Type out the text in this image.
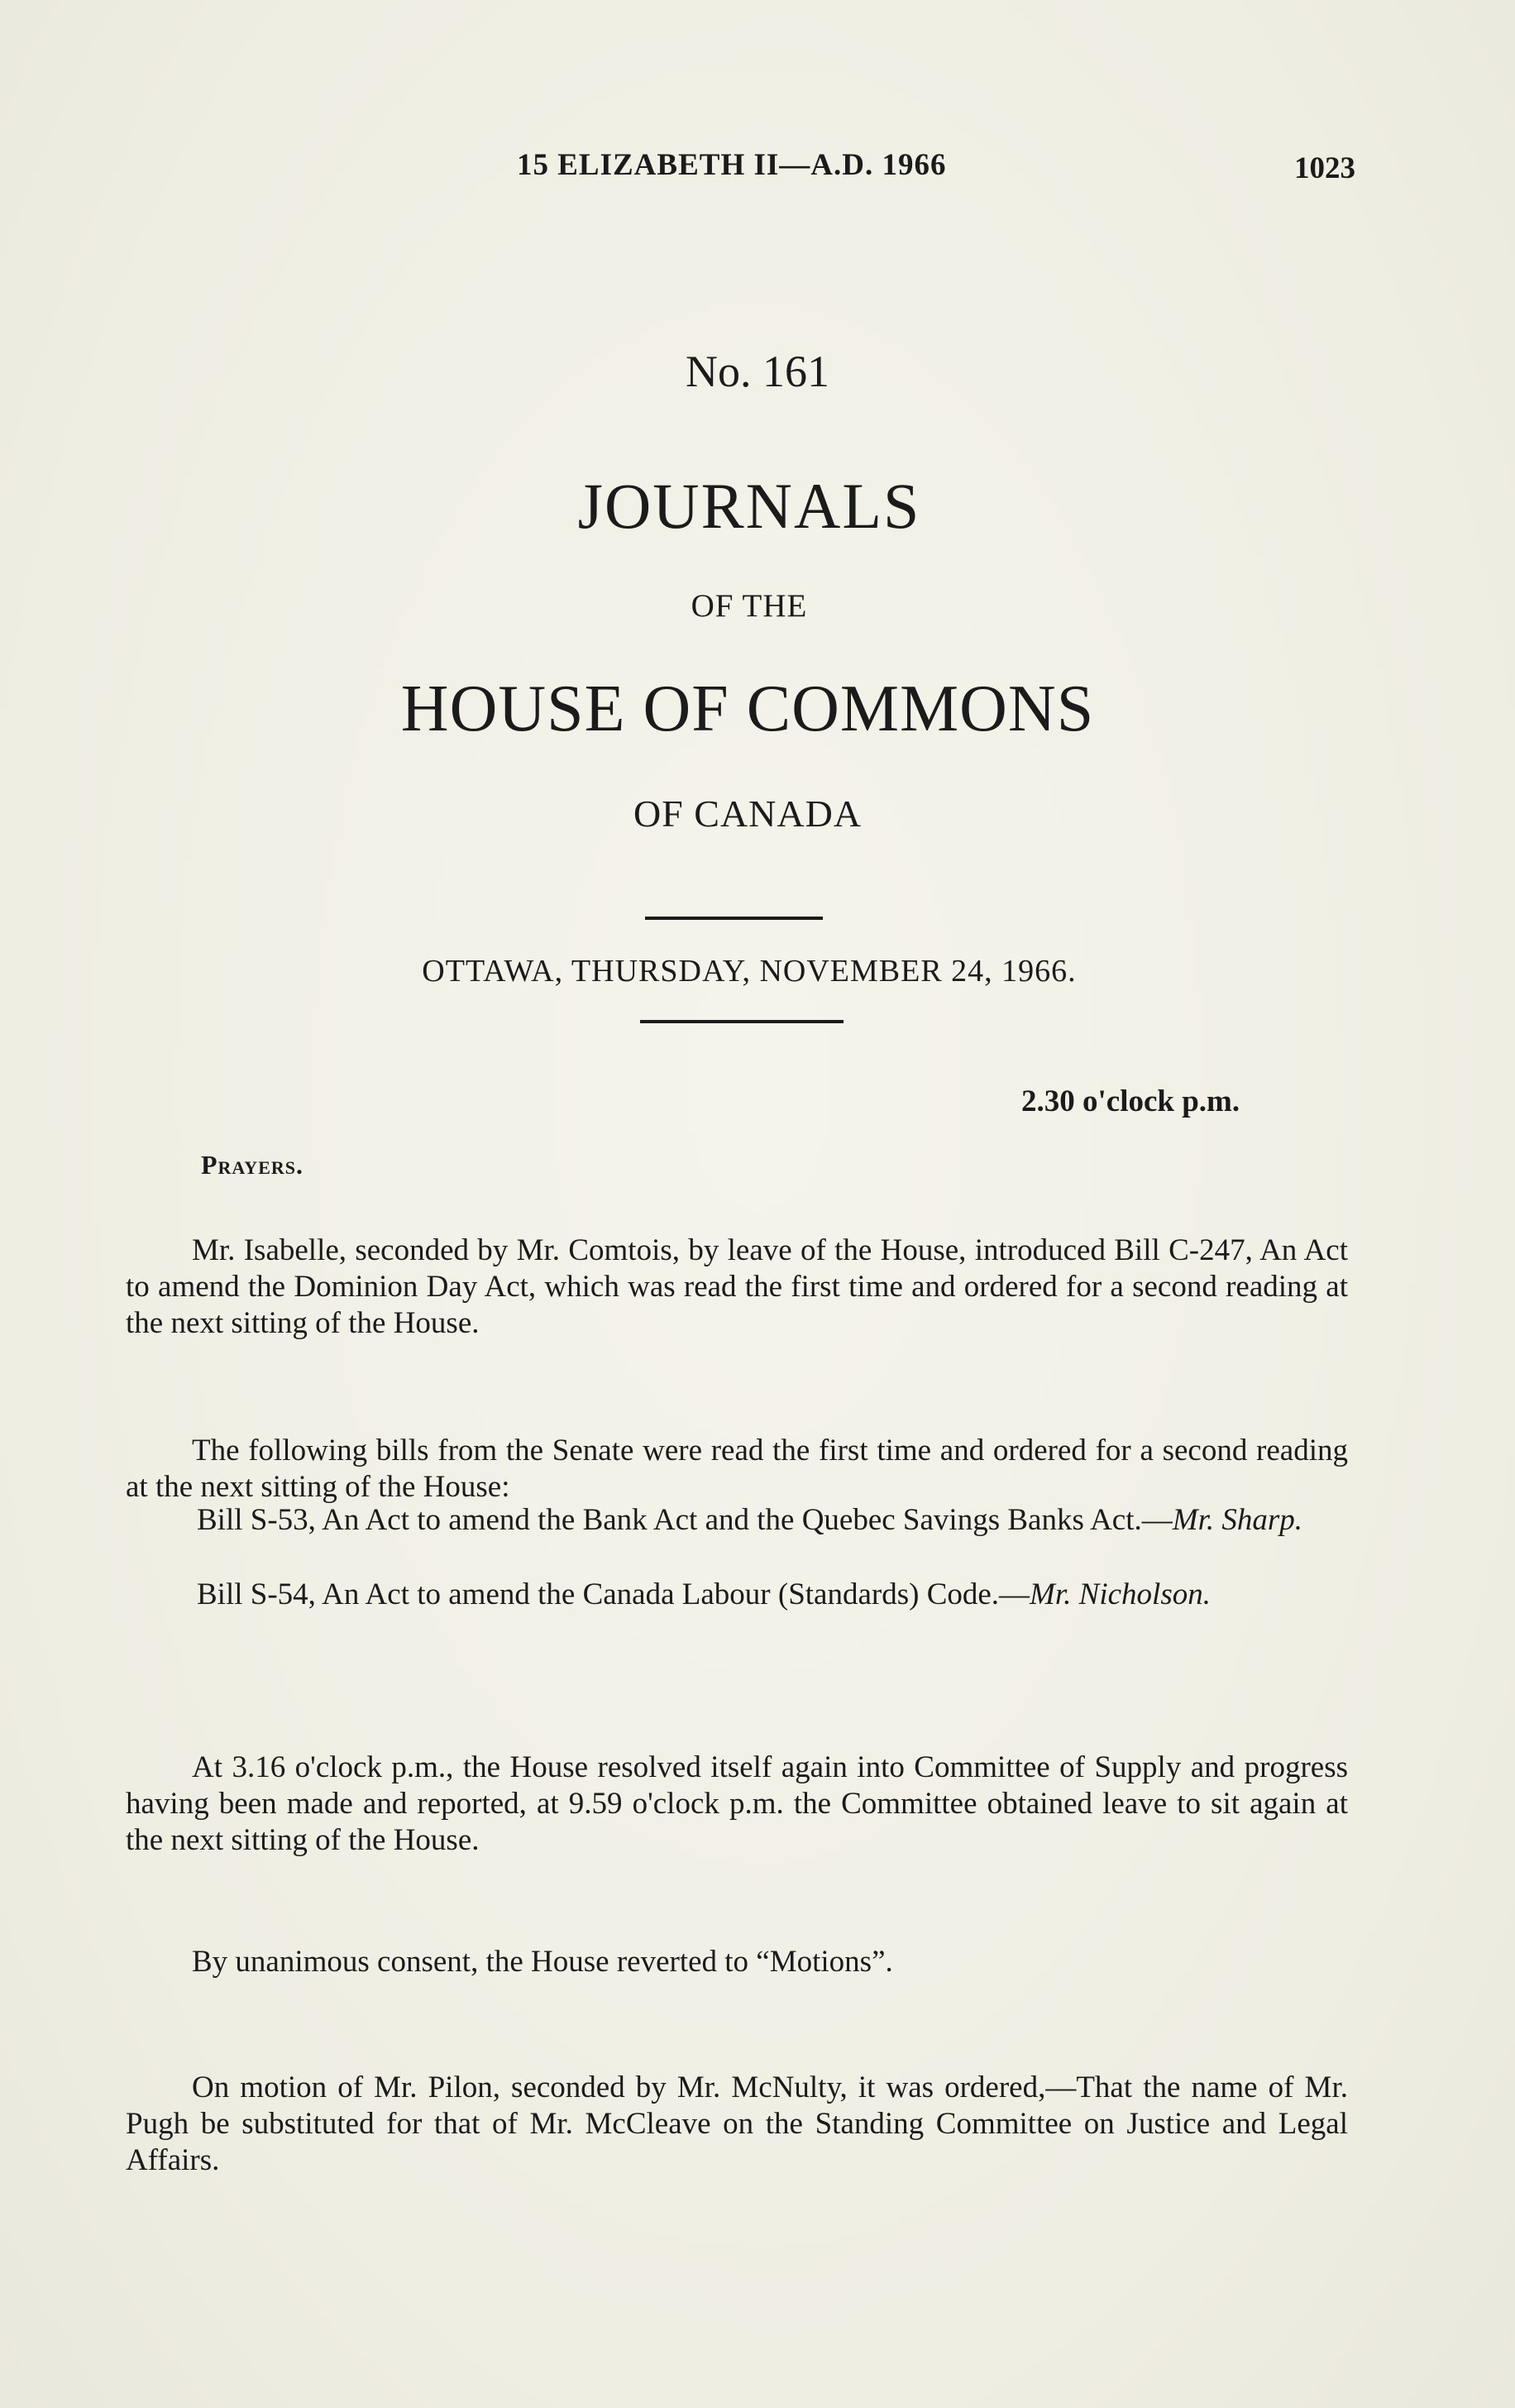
15 ELIZABETH II—A.D. 1966	1023
No. 161
JOURNALS
OF THE
HOUSE OF COMMONS
OF CANADA
OTTAWA, THURSDAY, NOVEMBER 24, 1966.
2.30 o'clock p.m.
Prayers.

Mr. Isabelle, seconded by Mr. Comtois, by leave of the House, introduced Bill C-247, An Act to amend the Dominion Day Act, which was read the first time and ordered for a second reading at the next sitting of the House.

The following bills from the Senate were read the first time and ordered for a second reading at the next sitting of the House:

Bill S-53, An Act to amend the Bank Act and the Quebec Savings Banks Act.—Mr. Sharp.

Bill S-54, An Act to amend the Canada Labour (Standards) Code.—Mr. Nicholson.

At 3.16 o'clock p.m., the House resolved itself again into Committee of Supply and progress having been made and reported, at 9.59 o'clock p.m. the Committee obtained leave to sit again at the next sitting of the House.

By unanimous consent, the House reverted to “Motions”.

On motion of Mr. Pilon, seconded by Mr. McNulty, it was ordered,—That the name of Mr. Pugh be substituted for that of Mr. McCleave on the Standing Committee on Justice and Legal Affairs.
